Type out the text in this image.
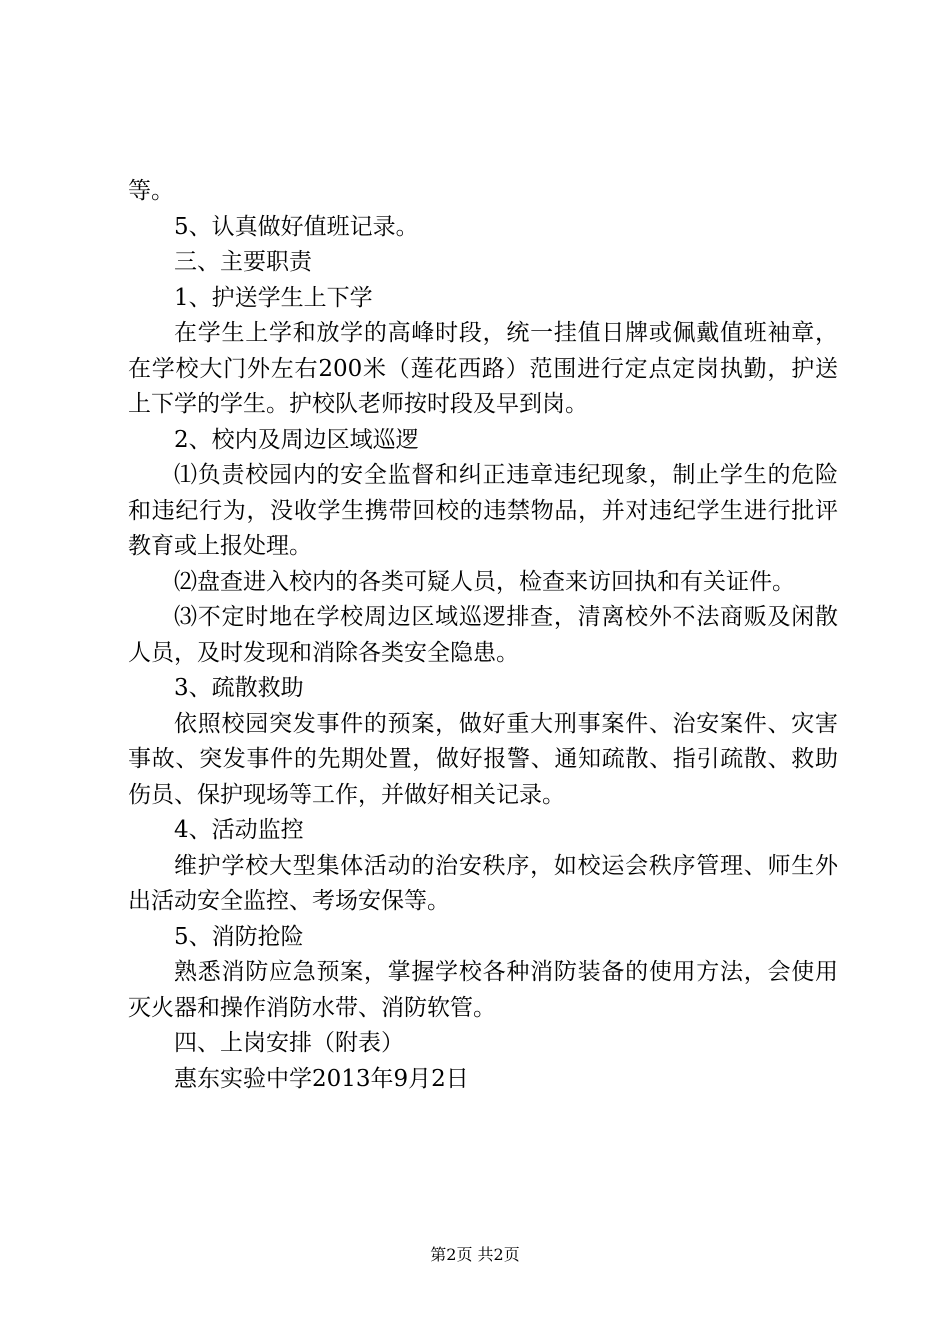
等。

5、认真做好值班记录。

三、主要职责

1、护送学生上下学

在学生上学和放学的高峰时段，统一挂值日牌或佩戴值班袖章，在学校大门外左右200米（莲花西路）范围进行定点定岗执勤，护送上下学的学生。护校队老师按时段及早到岗。

2、校内及周边区域巡逻

⑴负责校园内的安全监督和纠正违章违纪现象，制止学生的危险和违纪行为，没收学生携带回校的违禁物品，并对违纪学生进行批评教育或上报处理。

⑵盘查进入校内的各类可疑人员，检查来访回执和有关证件。

⑶不定时地在学校周边区域巡逻排查，清离校外不法商贩及闲散人员，及时发现和消除各类安全隐患。

3、疏散救助

依照校园突发事件的预案，做好重大刑事案件、治安案件、灾害事故、突发事件的先期处置，做好报警、通知疏散、指引疏散、救助伤员、保护现场等工作，并做好相关记录。

4、活动监控

维护学校大型集体活动的治安秩序，如校运会秩序管理、师生外出活动安全监控、考场安保等。

5、消防抢险

熟悉消防应急预案，掌握学校各种消防装备的使用方法，会使用灭火器和操作消防水带、消防软管。

四、上岗安排（附表）

惠东实验中学2013年9月2日

第2页 共2页
